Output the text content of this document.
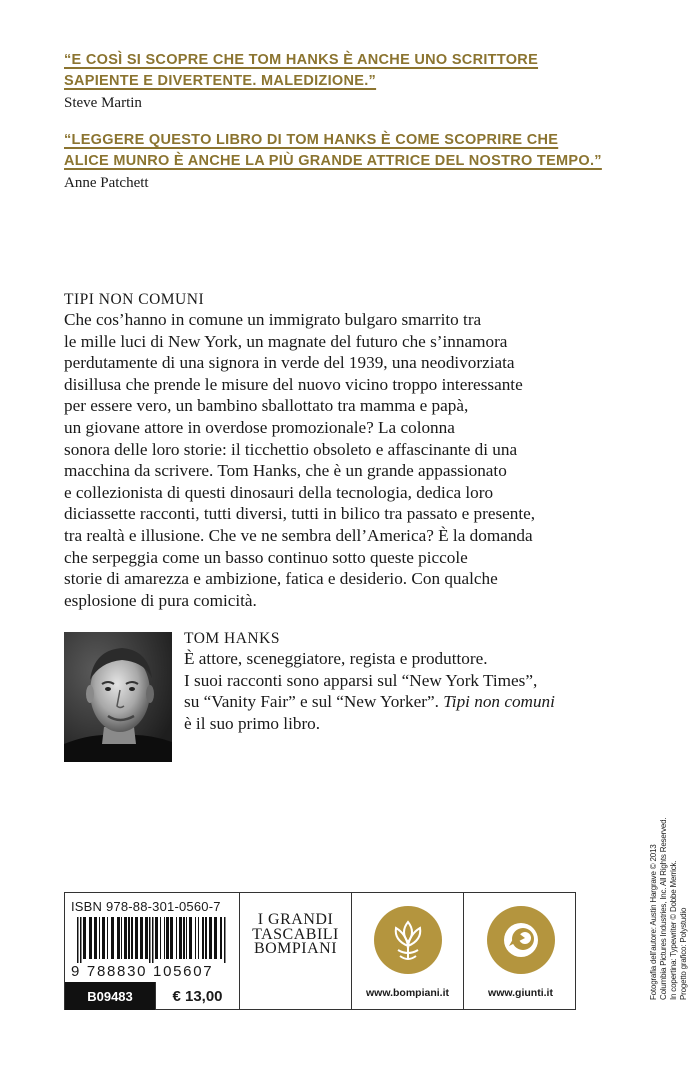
“E COSÌ SI SCOPRE CHE TOM HANKS È ANCHE UNO SCRITTORE
SAPIENTE E DIVERTENTE. MALEDIZIONE.”
Steve Martin
“LEGGERE QUESTO LIBRO DI TOM HANKS È COME SCOPRIRE CHE
ALICE MUNRO È ANCHE LA PIÙ GRANDE ATTRICE DEL NOSTRO TEMPO.”
Anne Patchett
TIPI NON COMUNI
Che cos’hanno in comune un immigrato bulgaro smarrito tra
le mille luci di New York, un magnate del futuro che s’innamora
perdutamente di una signora in verde del 1939, una neodivorziata
disillusa che prende le misure del nuovo vicino troppo interessante
per essere vero, un bambino sballottato tra mamma e papà,
un giovane attore in overdose promozionale? La colonna
sonora delle loro storie: il ticchettio obsoleto e affascinante di una
macchina da scrivere. Tom Hanks, che è un grande appassionato
e collezionista di questi dinosauri della tecnologia, dedica loro
diciassette racconti, tutti diversi, tutti in bilico tra passato e presente,
tra realtà e illusione. Che ve ne sembra dell’America? È la domanda
che serpeggia come un basso continuo sotto queste piccole
storie di amarezza e ambizione, fatica e desiderio. Con qualche
esplosione di pura comicità.
TOM HANKS
È attore, sceneggiatore, regista e produttore.
I suoi racconti sono apparsi sul “New York Times”,
su “Vanity Fair” e sul “New Yorker”. Tipi non comuni
è il suo primo libro.
Fotografia dell’autore: Austin Hargrave © 2013 Columbia Pictures Industries, Inc. All Rights Reserved. In copertina: Typewriter © Dobbe Merrick. Progetto grafico: Polystudio
ISBN 978-88-301-0560-7
9 788830 105607
B09483	€ 13,00
I GRANDI
TASCABILI
BOMPIANI
www.bompiani.it	www.giunti.it
